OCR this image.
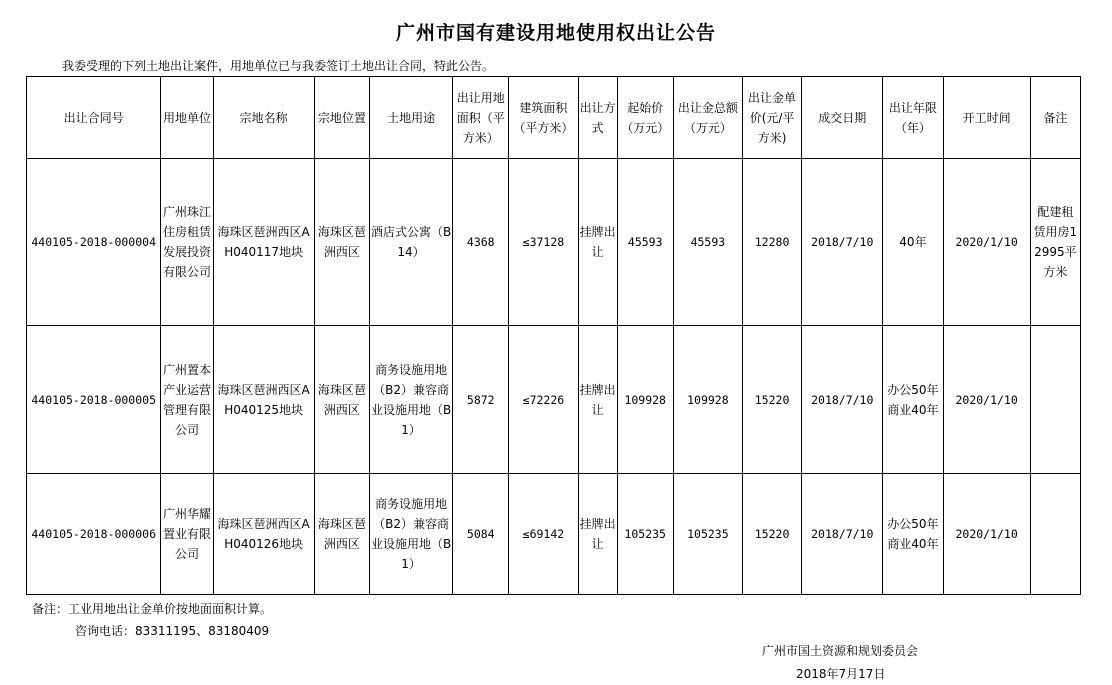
广州市国有建设用地使用权出让公告
我委受理的下列土地出让案件，用地单位已与我委签订土地出让合同，特此公告。
出让合同号	用地单位	宗地名称	宗地位置	土地用途	出让用地面积（平方米）	建筑面积（平方米）	出让方式	起始价（万元）	出让金总额（万元）	出让金单价(元/平方米)	成交日期	出让年限（年）	开工时间	备注
440105-2018-000004	广州珠江住房租赁发展投资有限公司	海珠区琶洲西区AH040117地块	海珠区琶洲西区	酒店式公寓（B14）	4368	≤37128	挂牌出让	45593	45593	12280	2018/7/10	40年	2020/1/10	配建租赁用房12995平方米
440105-2018-000005	广州置本产业运营管理有限公司	海珠区琶洲西区AH040125地块	海珠区琶洲西区	商务设施用地（B2）兼容商业设施用地（B1）	5872	≤72226	挂牌出让	109928	109928	15220	2018/7/10	办公50年商业40年	2020/1/10	
440105-2018-000006	广州华耀置业有限公司	海珠区琶洲西区AH040126地块	海珠区琶洲西区	商务设施用地（B2）兼容商业设施用地（B1）	5084	≤69142	挂牌出让	105235	105235	15220	2018/7/10	办公50年商业40年	2020/1/10	
备注：工业用地出让金单价按地面面积计算。
咨询电话：83311195、83180409
广州市国土资源和规划委员会
2018年7月17日
